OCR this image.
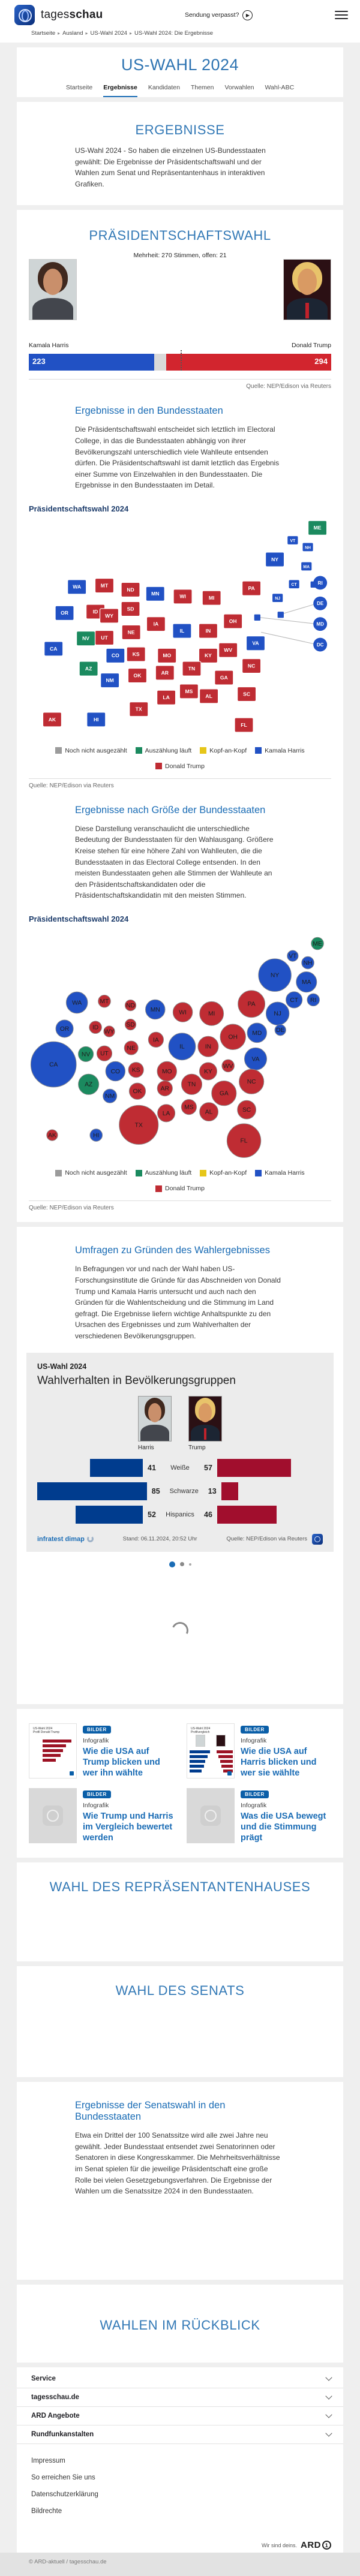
tagesschau	Sendung verpasst? ▶
Startseite ▸ Ausland ▸ US-Wahl 2024 ▸ US-Wahl 2024: Die Ergebnisse
US-WAHL 2024
Startseite Ergebnisse Kandidaten Themen Vorwahlen Wahl-ABC
ERGEBNISSE

US-Wahl 2024 - So haben die einzelnen US-Bundesstaaten gewählt: Die Ergebnisse der Präsidentschaftswahl und der Wahlen zum Senat und Repräsentantenhaus in interaktiven Grafiken.

PRÄSIDENTSCHAFTSWAHL
Mehrheit: 270 Stimmen, offen: 21
Kamala Harris	Donald Trump
223	294
Quelle: NEP/Edison via Reuters
Ergebnisse in den Bundesstaaten

Die Präsidentschaftswahl entscheidet sich letztlich im Electoral College, in das die Bundesstaaten abhängig von ihrer Bevölkerungszahl unterschiedlich viele Wahlleute entsenden dürfen. Die Präsidentschaftswahl ist damit letztlich das Ergebnis einer Summe von Einzelwahlen in den Bundesstaaten. Die Ergebnisse in den Bundesstaaten im Detail.

Präsidentschaftswahl 2024
ME
VT
NH
NY
MA
CT	RI
PA
NJ
WA	MT
ND
MN	WI	MI
OR	ID
WY
SD
IA	OH
MD
DE
NE	IL	IN
WV
VA
CA
NV	UT
CO	KS	MO	KY
AZ
NM
OK	AR
TN	NC
GA
SC
MS
AL
LA
TX
AK	HI
FL
DC
Noch nicht ausgezählt	Auszählung läuft	Kopf-an-Kopf	Kamala Harris
Donald Trump
Quelle: NEP/Edison via Reuters
Ergebnisse nach Größe der Bundesstaaten

Diese Darstellung veranschaulicht die unterschiedliche Bedeutung der Bundesstaaten für den Wahlausgang. Größere Kreise stehen für eine höhere Zahl von Wahlleuten, die die Bundesstaaten in das Electoral College entsenden. In den meisten Bundesstaaten gehen alle Stimmen der Wahlleute an den Präsidentschaftskandidaten oder die Präsidentschaftskandidatin mit den meisten Stimmen.

Präsidentschaftswahl 2024
ME
VT
NH
NY
MA
CT RI
PA
NJ
WA	MT
ND
MN	WI	MI
OR	ID
WY
SD
IA	OH
MD	DE
NE	IL	IN
WV
VA
CA
NV UT
CO KS	MO	KY
AZ
NM
OK	AR
TN	NC
GA
SC
MS
AL
LA
TX
AK	HI
FL
Noch nicht ausgezählt	Auszählung läuft	Kopf-an-Kopf	Kamala Harris
Donald Trump
Quelle: NEP/Edison via Reuters
Umfragen zu Gründen des Wahlergebnisses

In Befragungen vor und nach der Wahl haben US-Forschungsinstitute die Gründe für das Abschneiden von Donald Trump und Kamala Harris untersucht und auch nach den Gründen für die Wahlentscheidung und die Stimmung im Land gefragt. Die Ergebnisse liefern wichtige Anhaltspunkte zu den Ursachen des Ergebnisses und zum Wahlverhalten der verschiedenen Bevölkerungsgruppen.

US-Wahl 2024
Wahlverhalten in Bevölkerungsgruppen
Harris	Trump
41	Weiße	57
85	Schwarze	13
52	Hispanics	46
infratest dimap	Stand: 06.11.2024, 20:52 Uhr	Quelle: NEP/Edison via Reuters
US-Wahl 2024
Profil Donald Trump	BILDER
Infografik
Wie die USA auf Trump blicken und wer ihn wählte
US-Wahl 2024
Profilvergleich	BILDER
Infografik
Wie die USA auf Harris blicken und wer sie wählte
BILDER
Infografik
Wie Trump und Harris im Vergleich bewertet werden
BILDER
Infografik
Was die USA bewegt und die Stimmung prägt
WAHL DES REPRÄSENTANTENHAUSES
WAHL DES SENATS
Ergebnisse der Senatswahl in den Bundesstaaten

Etwa ein Drittel der 100 Senatssitze wird alle zwei Jahre neu gewählt. Jeder Bundesstaat entsendet zwei Senatorinnen oder Senatoren in diese Kongresskammer. Die Mehrheitsverhältnisse im Senat spielen für die jeweilige Präsidentschaft eine große Rolle bei vielen Gesetzgebungsverfahren. Die Ergebnisse der Wahlen um die Senatssitze 2024 in den Bundesstaaten.

WAHLEN IM RÜCKBLICK
Service
tagesschau.de
ARD Angebote
Rundfunkanstalten
Impressum
So erreichen Sie uns
Datenschutzerklärung
Bildrechte
Wir sind deins. ARD 1
© ARD-aktuell / tagesschau.de
